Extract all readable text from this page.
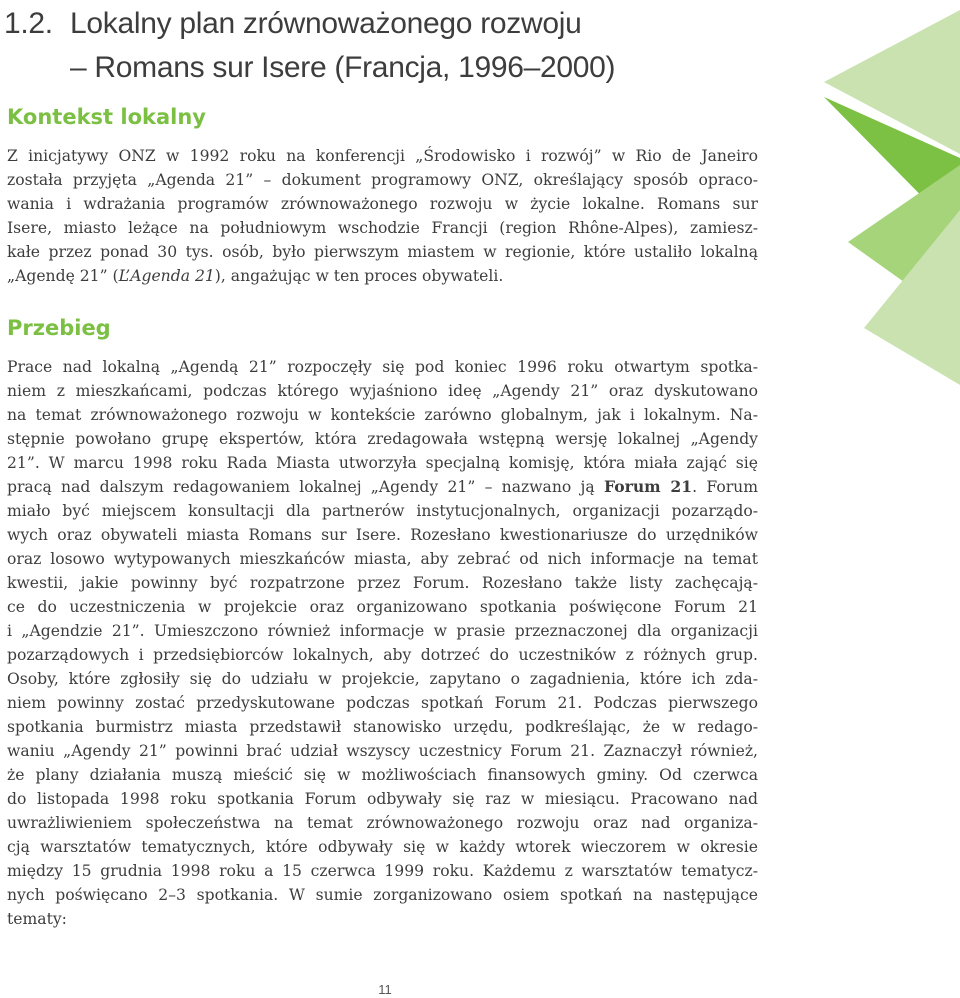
1.2. Lokalny plan zrównoważonego rozwoju
– Romans sur Isere (Francja, 1996–2000)
Kontekst lokalny
Z inicjatywy ONZ w 1992 roku na konferencji „Środowisko i rozwój” w Rio de Janeiro
została przyjęta „Agenda 21” – dokument programowy ONZ, określający sposób opraco-
wania i wdrażania programów zrównoważonego rozwoju w życie lokalne. Romans sur
Isere, miasto leżące na południowym wschodzie Francji (region Rhône-Alpes), zamiesz-
kałe przez ponad 30 tys. osób, było pierwszym miastem w regionie, które ustaliło lokalną
„Agendę 21” (L’Agenda 21), angażując w ten proces obywateli.
Przebieg
Prace nad lokalną „Agendą 21” rozpoczęły się pod koniec 1996 roku otwartym spotka-
niem z mieszkańcami, podczas którego wyjaśniono ideę „Agendy 21” oraz dyskutowano
na temat zrównoważonego rozwoju w kontekście zarówno globalnym, jak i lokalnym. Na-
stępnie powołano grupę ekspertów, która zredagowała wstępną wersję lokalnej „Agendy
21”. W marcu 1998 roku Rada Miasta utworzyła specjalną komisję, która miała zająć się
pracą nad dalszym redagowaniem lokalnej „Agendy 21” – nazwano ją Forum 21. Forum
miało być miejscem konsultacji dla partnerów instytucjonalnych, organizacji pozarządo-
wych oraz obywateli miasta Romans sur Isere. Rozesłano kwestionariusze do urzędników
oraz losowo wytypowanych mieszkańców miasta, aby zebrać od nich informacje na temat
kwestii, jakie powinny być rozpatrzone przez Forum. Rozesłano także listy zachęcają-
ce do uczestniczenia w projekcie oraz organizowano spotkania poświęcone Forum 21
i „Agendzie 21”. Umieszczono również informacje w prasie przeznaczonej dla organizacji
pozarządowych i przedsiębiorców lokalnych, aby dotrzeć do uczestników z różnych grup.
Osoby, które zgłosiły się do udziału w projekcie, zapytano o zagadnienia, które ich zda-
niem powinny zostać przedyskutowane podczas spotkań Forum 21. Podczas pierwszego
spotkania burmistrz miasta przedstawił stanowisko urzędu, podkreślając, że w redago-
waniu „Agendy 21” powinni brać udział wszyscy uczestnicy Forum 21. Zaznaczył również,
że plany działania muszą mieścić się w możliwościach finansowych gminy. Od czerwca
do listopada 1998 roku spotkania Forum odbywały się raz w miesiącu. Pracowano nad
uwrażliwieniem społeczeństwa na temat zrównoważonego rozwoju oraz nad organiza-
cją warsztatów tematycznych, które odbywały się w każdy wtorek wieczorem w okresie
między 15 grudnia 1998 roku a 15 czerwca 1999 roku. Każdemu z warsztatów tematycz-
nych poświęcano 2–3 spotkania. W sumie zorganizowano osiem spotkań na następujące
tematy:
11
